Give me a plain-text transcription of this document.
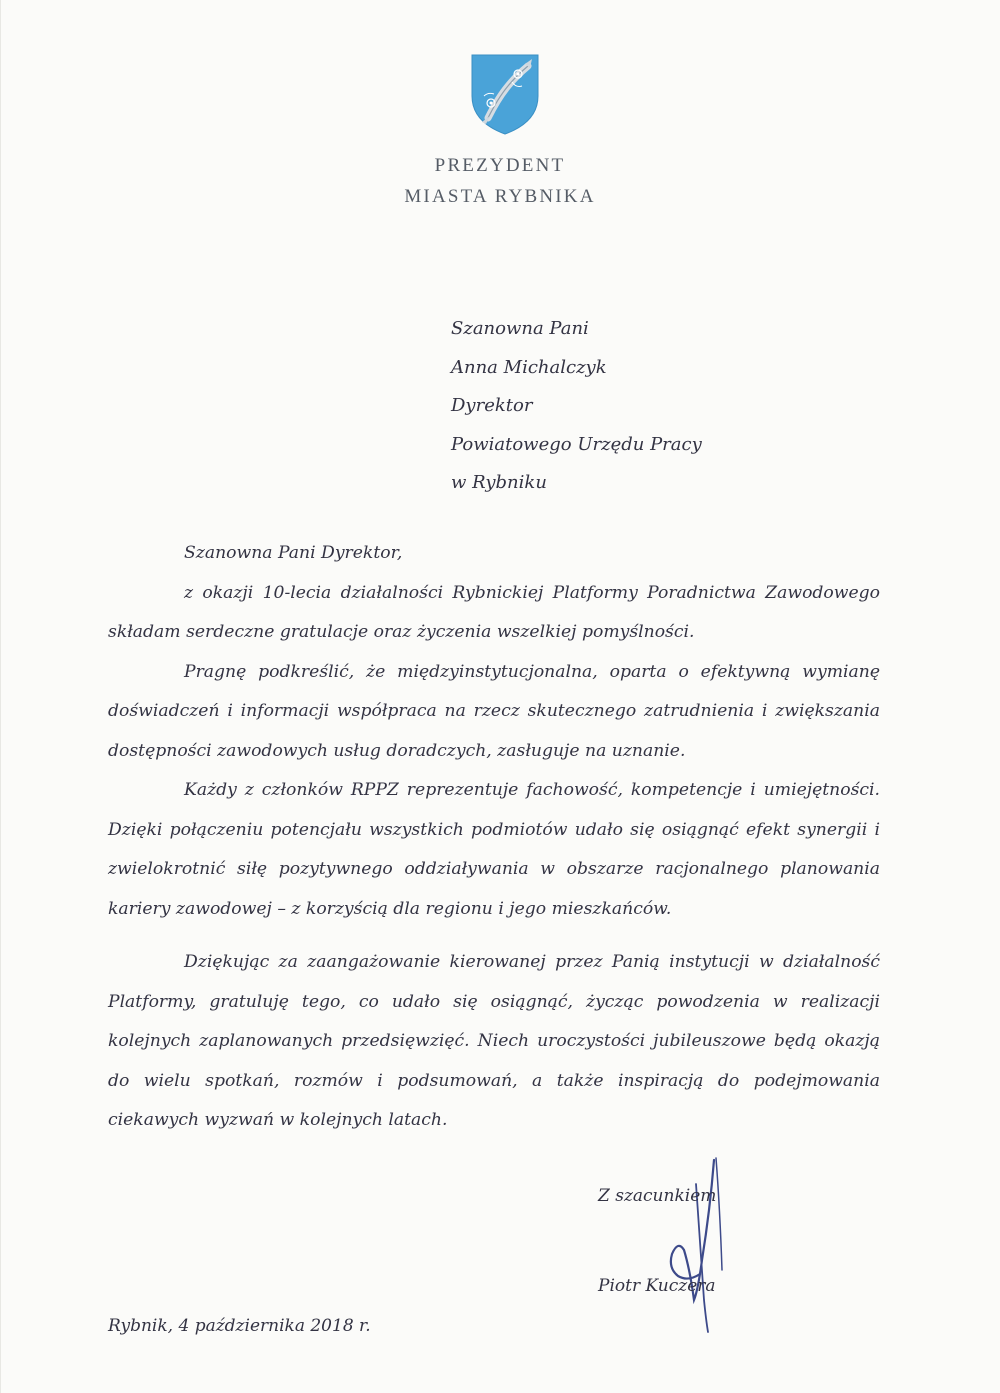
PREZYDENT
MIASTA RYBNIKA
Szanowna Pani
Anna Michalczyk
Dyrektor
Powiatowego Urzędu Pracy
w Rybniku

Szanowna Pani Dyrektor,

z okazji 10-lecia działalności Rybnickiej Platformy Poradnictwa Zawodowego składam serdeczne gratulacje oraz życzenia wszelkiej pomyślności.

Pragnę podkreślić, że międzyinstytucjonalna, oparta o efektywną wymianę doświadczeń i informacji współpraca na rzecz skutecznego zatrudnienia i zwiększania dostępności zawodowych usług doradczych, zasługuje na uznanie.

Każdy z członków RPPZ reprezentuje fachowość, kompetencje i umiejętności. Dzięki połączeniu potencjału wszystkich podmiotów udało się osiągnąć efekt synergii i zwielokrotnić siłę pozytywnego oddziaływania w obszarze racjonalnego planowania kariery zawodowej – z korzyścią dla regionu i jego mieszkańców.

Dziękując za zaangażowanie kierowanej przez Panią instytucji w działalność Platformy, gratuluję tego, co udało się osiągnąć, życząc powodzenia w realizacji kolejnych zaplanowanych przedsięwzięć. Niech uroczystości jubileuszowe będą okazją do wielu spotkań, rozmów i podsumowań, a także inspiracją do podejmowania ciekawych wyzwań w kolejnych latach.

Z szacunkiem
Piotr Kuczera
Rybnik, 4 października 2018 r.
